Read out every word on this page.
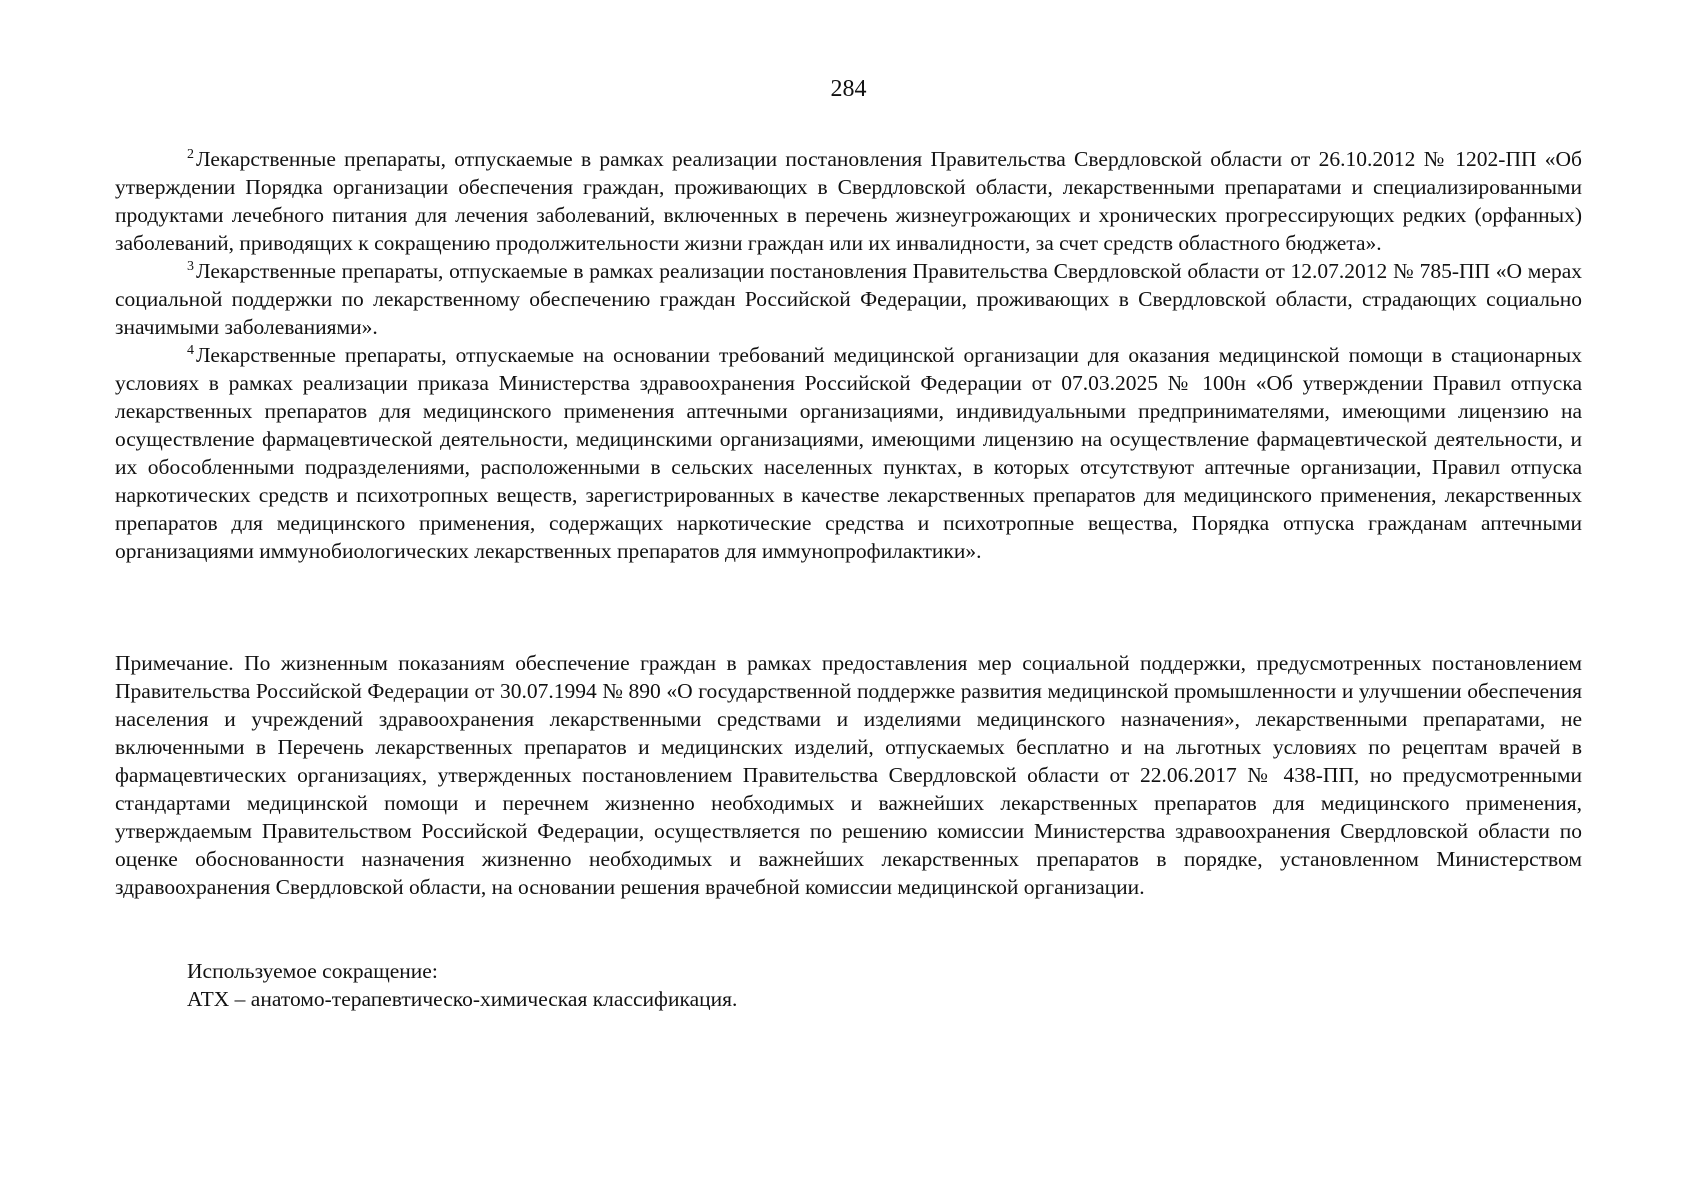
284

$^2$Лекарственные препараты, отпускаемые в рамках реализации постановления Правительства Свердловской области от 26.10.2012 № 1202-ПП «Об утверждении Порядка организации обеспечения граждан, проживающих в Свердловской области, лекарственными препаратами и специализированными продуктами лечебного питания для лечения заболеваний, включенных в перечень жизнеугрожающих и хронических прогрессирующих редких (орфанных) заболеваний, приводящих к сокращению продолжительности жизни граждан или их инвалидности, за счет средств областного бюджета».

$^3$Лекарственные препараты, отпускаемые в рамках реализации постановления Правительства Свердловской области от 12.07.2012 № 785-ПП «О мерах социальной поддержки по лекарственному обеспечению граждан Российской Федерации, проживающих в Свердловской области, страдающих социально значимыми заболеваниями».

$^4$Лекарственные препараты, отпускаемые на основании требований медицинской организации для оказания медицинской помощи в стационарных условиях в рамках реализации приказа Министерства здравоохранения Российской Федерации от 07.03.2025 № 100н «Об утверждении Правил отпуска лекарственных препаратов для медицинского применения аптечными организациями, индивидуальными предпринимателями, имеющими лицензию на осуществление фармацевтической деятельности, медицинскими организациями, имеющими лицензию на осуществление фармацевтической деятельности, и их обособленными подразделениями, расположенными в сельских населенных пунктах, в которых отсутствуют аптечные организации, Правил отпуска наркотических средств и психотропных веществ, зарегистрированных в качестве лекарственных препаратов для медицинского применения, лекарственных препаратов для медицинского применения, содержащих наркотические средства и психотропные вещества, Порядка отпуска гражданам аптечными организациями иммунобиологических лекарственных препаратов для иммунопрофилактики».

Примечание. По жизненным показаниям обеспечение граждан в рамках предоставления мер социальной поддержки, предусмотренных постановлением Правительства Российской Федерации от 30.07.1994 № 890 «О государственной поддержке развития медицинской промышленности и улучшении обеспечения населения и учреждений здравоохранения лекарственными средствами и изделиями медицинского назначения», лекарственными препаратами, не включенными в Перечень лекарственных препаратов и медицинских изделий, отпускаемых бесплатно и на льготных условиях по рецептам врачей в фармацевтических организациях, утвержденных постановлением Правительства Свердловской области от 22.06.2017 № 438-ПП, но предусмотренными стандартами медицинской помощи и перечнем жизненно необходимых и важнейших лекарственных препаратов для медицинского применения, утверждаемым Правительством Российской Федерации, осуществляется по решению комиссии Министерства здравоохранения Свердловской области по оценке обоснованности назначения жизненно необходимых и важнейших лекарственных препаратов в порядке, установленном Министерством здравоохранения Свердловской области, на основании решения врачебной комиссии медицинской организации.

Используемое сокращение:

АТХ – анатомо-терапевтическо-химическая классификация.
